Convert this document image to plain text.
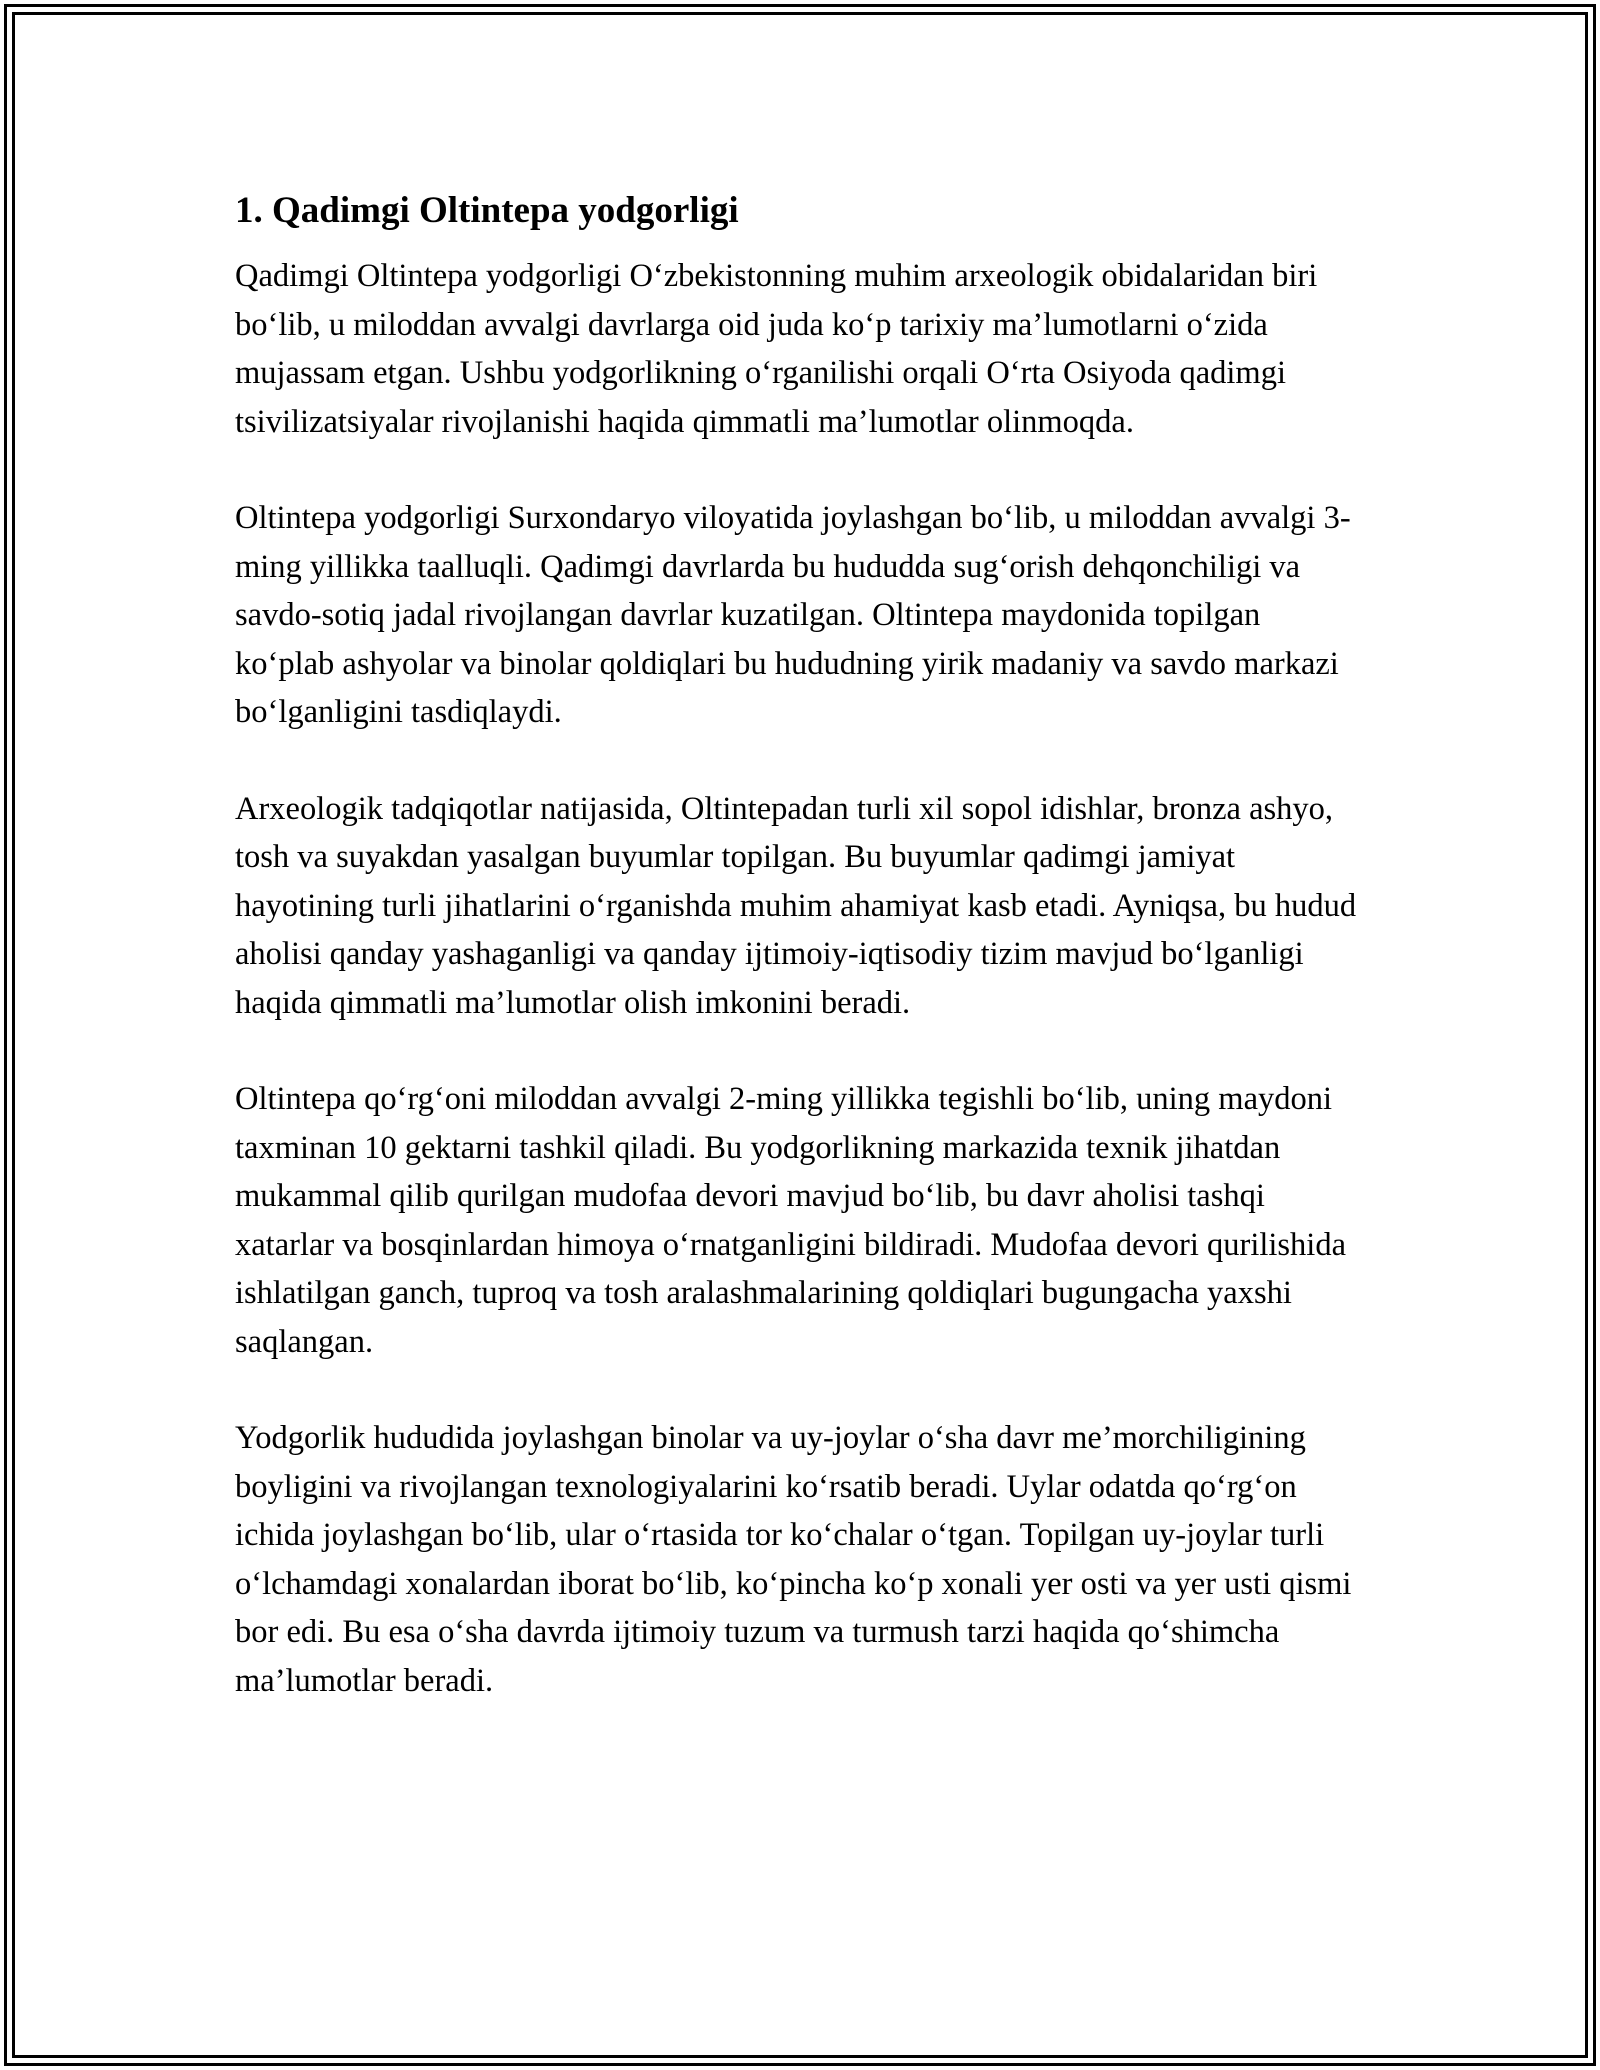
1. Qadimgi Oltintepa yodgorligi

Qadimgi Oltintepa yodgorligi O‘zbekistonning muhim arxeologik obidalaridan biri bo‘lib, u miloddan avvalgi davrlarga oid juda ko‘p tarixiy ma’lumotlarni o‘zida mujassam etgan. Ushbu yodgorlikning o‘rganilishi orqali O‘rta Osiyoda qadimgi tsivilizatsiyalar rivojlanishi haqida qimmatli ma’lumotlar olinmoqda.

Oltintepa yodgorligi Surxondaryo viloyatida joylashgan bo‘lib, u miloddan avvalgi 3-ming yillikka taalluqli. Qadimgi davrlarda bu hududda sug‘orish dehqonchiligi va savdo-sotiq jadal rivojlangan davrlar kuzatilgan. Oltintepa maydonida topilgan ko‘plab ashyolar va binolar qoldiqlari bu hududning yirik madaniy va savdo markazi bo‘lganligini tasdiqlaydi.

Arxeologik tadqiqotlar natijasida, Oltintepadan turli xil sopol idishlar, bronza ashyo, tosh va suyakdan yasalgan buyumlar topilgan. Bu buyumlar qadimgi jamiyat hayotining turli jihatlarini o‘rganishda muhim ahamiyat kasb etadi. Ayniqsa, bu hudud aholisi qanday yashaganligi va qanday ijtimoiy-iqtisodiy tizim mavjud bo‘lganligi haqida qimmatli ma’lumotlar olish imkonini beradi.

Oltintepa qo‘rg‘oni miloddan avvalgi 2-ming yillikka tegishli bo‘lib, uning maydoni taxminan 10 gektarni tashkil qiladi. Bu yodgorlikning markazida texnik jihatdan mukammal qilib qurilgan mudofaa devori mavjud bo‘lib, bu davr aholisi tashqi xatarlar va bosqinlardan himoya o‘rnatganligini bildiradi. Mudofaa devori qurilishida ishlatilgan ganch, tuproq va tosh aralashmalarining qoldiqlari bugungacha yaxshi saqlangan.

Yodgorlik hududida joylashgan binolar va uy-joylar o‘sha davr me’morchiligining boyligini va rivojlangan texnologiyalarini ko‘rsatib beradi. Uylar odatda qo‘rg‘on ichida joylashgan bo‘lib, ular o‘rtasida tor ko‘chalar o‘tgan. Topilgan uy-joylar turli o‘lchamdagi xonalardan iborat bo‘lib, ko‘pincha ko‘p xonali yer osti va yer usti qismi bor edi. Bu esa o‘sha davrda ijtimoiy tuzum va turmush tarzi haqida qo‘shimcha ma’lumotlar beradi.
